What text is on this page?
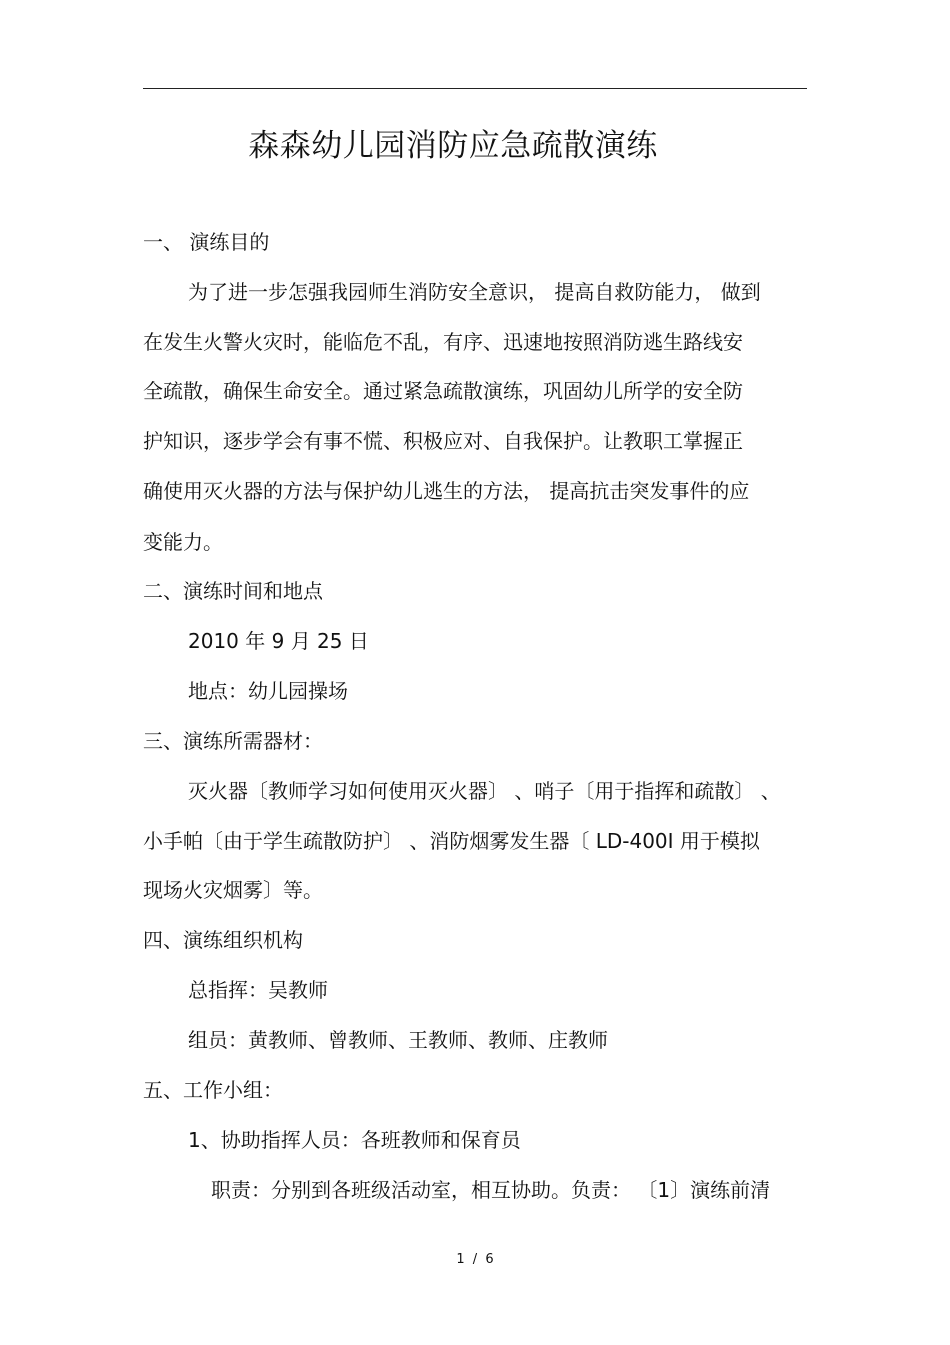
森森幼儿园消防应急疏散演练
一、 演练目的
为了进一步怎强我园师生消防安全意识， 提高自救防能力， 做到
在发生火警火灾时，能临危不乱，有序、迅速地按照消防逃生路线安
全疏散，确保生命安全。通过紧急疏散演练，巩固幼儿所学的安全防
护知识，逐步学会有事不慌、积极应对、自我保护。让教职工掌握正
确使用灭火器的方法与保护幼儿逃生的方法， 提高抗击突发事件的应
变能力。
二、演练时间和地点
2010 年 9 月 25 日
地点：幼儿园操场
三、演练所需器材：
灭火器〔教师学习如何使用灭火器〕 、哨子〔用于指挥和疏散〕 、
小手帕〔由于学生疏散防护〕 、消防烟雾发生器〔 LD-400I 用于模拟
现场火灾烟雾〕等。
四、演练组织机构
总指挥：吴教师
组员：黄教师、曾教师、王教师、教师、庄教师
五、工作小组：
1、协助指挥人员：各班教师和保育员
职责：分别到各班级活动室，相互协助。负责： 〔1〕演练前清
1 / 6
